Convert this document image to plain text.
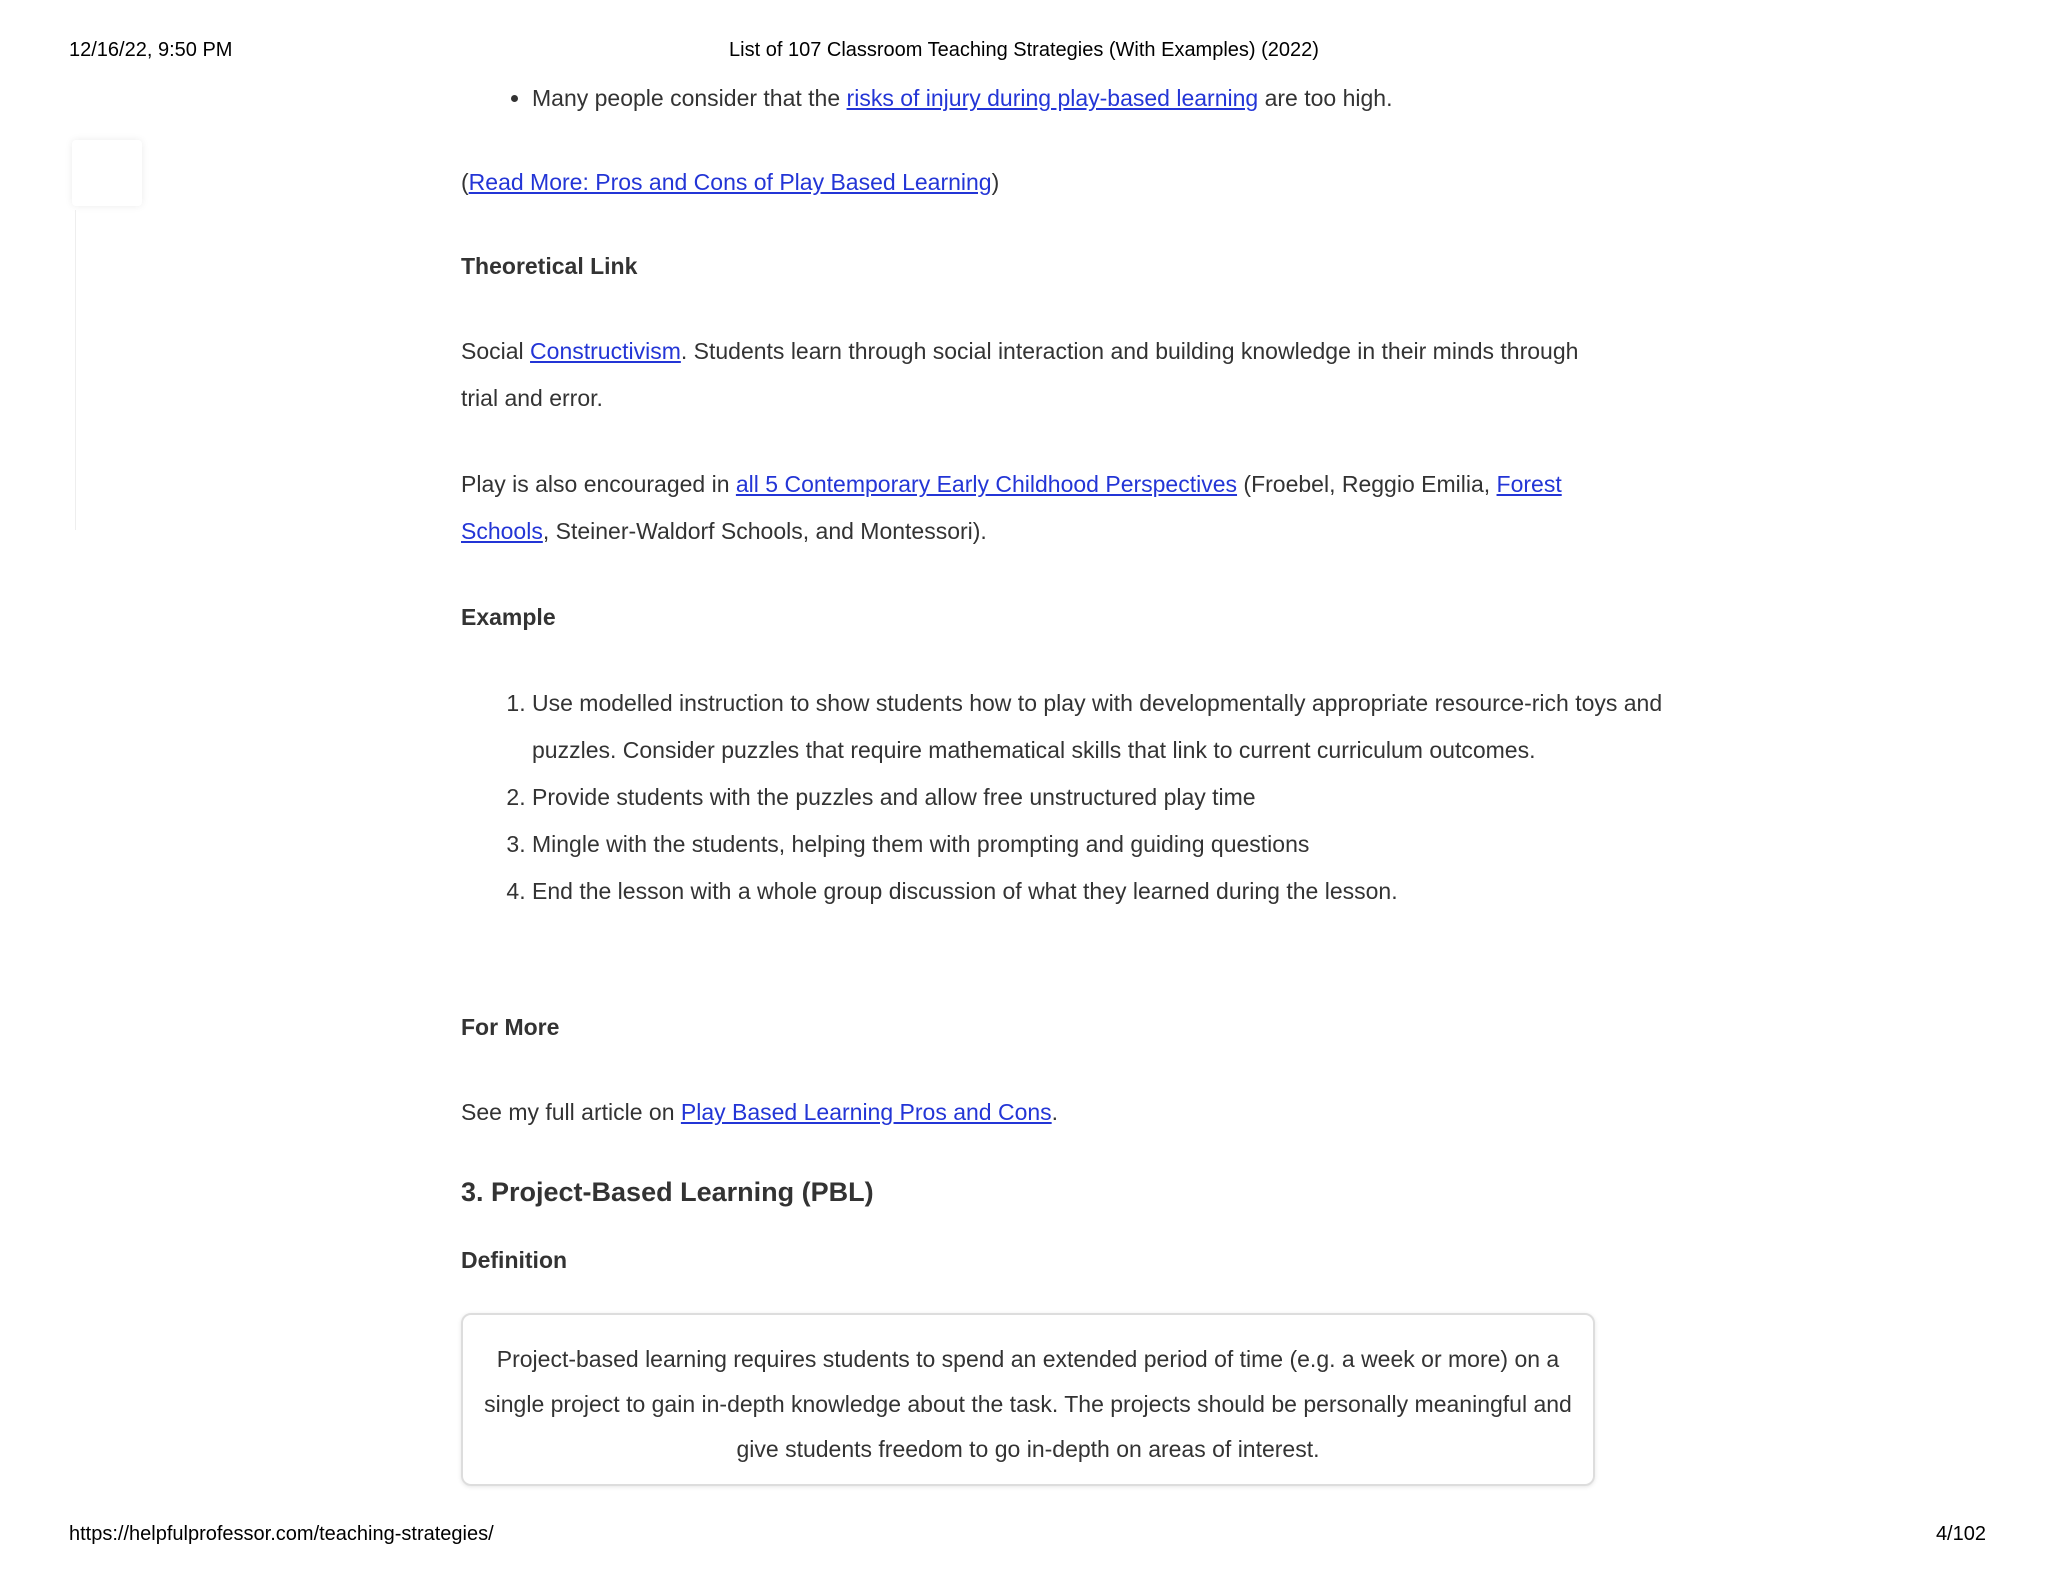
12/16/22, 9:50 PM	List of 107 Classroom Teaching Strategies (With Examples) (2022)
• Many people consider that the risks of injury during play-based learning are too high.

(Read More: Pros and Cons of Play Based Learning)

Theoretical Link

Social Constructivism. Students learn through social interaction and building knowledge in their minds through trial and error.

Play is also encouraged in all 5 Contemporary Early Childhood Perspectives (Froebel, Reggio Emilia, Forest Schools, Steiner-Waldorf Schools, and Montessori).

Example

1. Use modelled instruction to show students how to play with developmentally appropriate resource-rich toys and puzzles. Consider puzzles that require mathematical skills that link to current curriculum outcomes.
2. Provide students with the puzzles and allow free unstructured play time
3. Mingle with the students, helping them with prompting and guiding questions
4. End the lesson with a whole group discussion of what they learned during the lesson.

For More

See my full article on Play Based Learning Pros and Cons.

3. Project-Based Learning (PBL)

Definition

Project-based learning requires students to spend an extended period of time (e.g. a week or more) on a single project to gain in-depth knowledge about the task. The projects should be personally meaningful and give students freedom to go in-depth on areas of interest.
https://helpfulprofessor.com/teaching-strategies/	4/102
